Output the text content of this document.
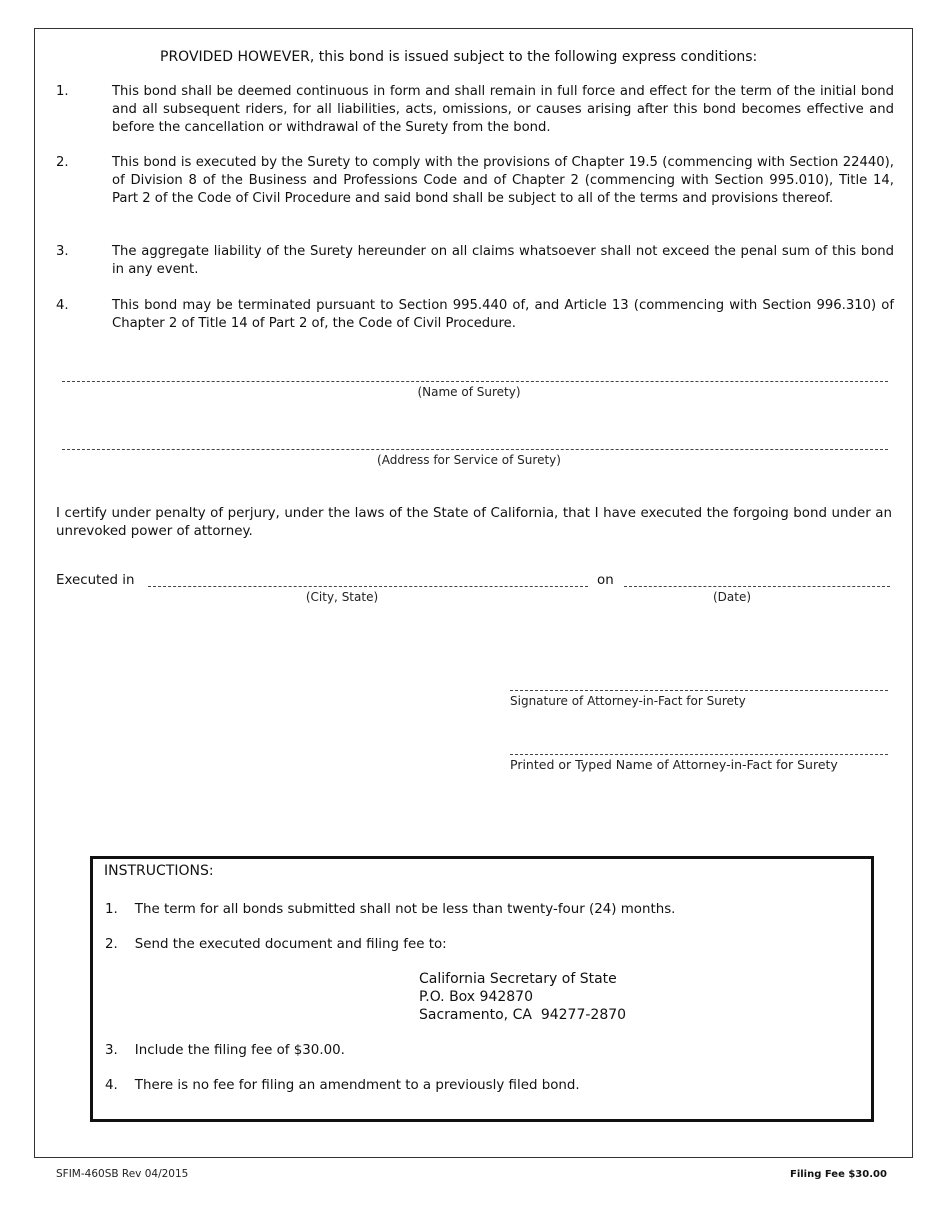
PROVIDED HOWEVER, this bond is issued subject to the following express conditions:
1.	This bond shall be deemed continuous in form and shall remain in full force and effect for the term of the initial bond and all subsequent riders, for all liabilities, acts, omissions, or causes arising after this bond becomes effective and before the cancellation or withdrawal of the Surety from the bond.
2.	This bond is executed by the Surety to comply with the provisions of Chapter 19.5 (commencing with Section 22440), of Division 8 of the Business and Professions Code and of Chapter 2 (commencing with Section 995.010), Title 14, Part 2 of the Code of Civil Procedure and said bond shall be subject to all of the terms and provisions thereof.
3.	The aggregate liability of the Surety hereunder on all claims whatsoever shall not exceed the penal sum of this bond in any event.
4.	This bond may be terminated pursuant to Section 995.440 of, and Article 13 (commencing with Section 996.310) of Chapter 2 of Title 14 of Part 2 of, the Code of Civil Procedure.
(Name of Surety)
(Address for Service of Surety)
I certify under penalty of perjury, under the laws of the State of California, that I have executed the forgoing bond under an unrevoked power of attorney.
Executed in
(City, State)
on
(Date)
Signature of Attorney-in-Fact for Surety
Printed or Typed Name of Attorney-in-Fact for Surety
INSTRUCTIONS:
1.    The term for all bonds submitted shall not be less than twenty-four (24) months.
2.    Send the executed document and filing fee to:
California Secretary of State
P.O. Box 942870
Sacramento, CA  94277-2870
3.    Include the filing fee of $30.00.
4.    There is no fee for filing an amendment to a previously filed bond.
SFIM-460SB Rev 04/2015	Filing Fee $30.00
